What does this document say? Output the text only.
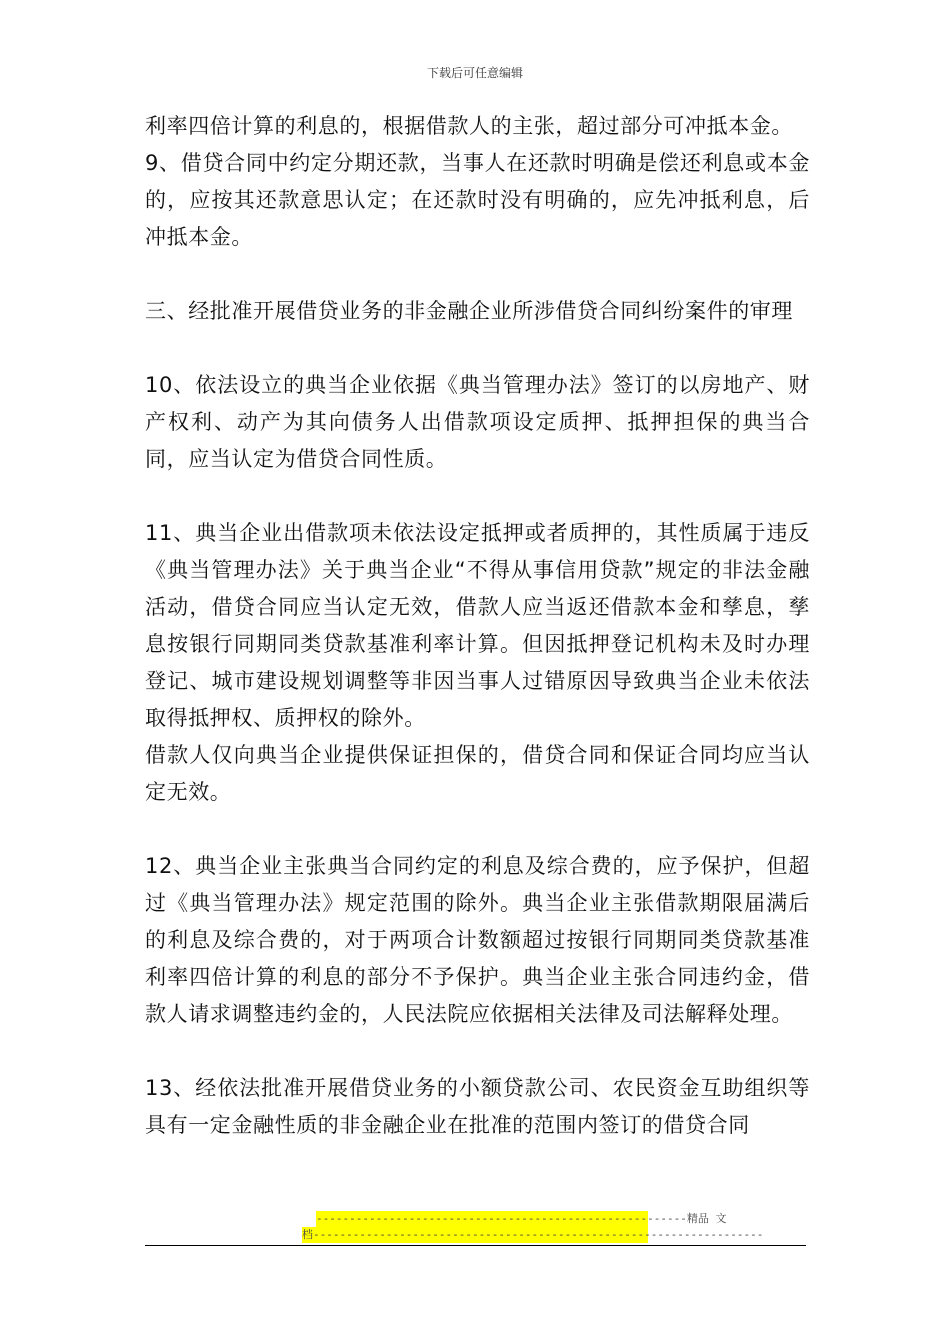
下载后可任意编辑

利率四倍计算的利息的，根据借款人的主张，超过部分可冲抵本金。

9、借贷合同中约定分期还款，当事人在还款时明确是偿还利息或本金的，应按其还款意思认定；在还款时没有明确的，应先冲抵利息，后冲抵本金。

三、经批准开展借贷业务的非金融企业所涉借贷合同纠纷案件的审理

10、依法设立的典当企业依据《典当管理办法》签订的以房地产、财产权利、动产为其向债务人出借款项设定质押、抵押担保的典当合同，应当认定为借贷合同性质。

11、典当企业出借款项未依法设定抵押或者质押的，其性质属于违反《典当管理办法》关于典当企业“不得从事信用贷款”规定的非法金融活动，借贷合同应当认定无效，借款人应当返还借款本金和孳息，孳息按银行同期同类贷款基准利率计算。但因抵押登记机构未及时办理登记、城市建设规划调整等非因当事人过错原因导致典当企业未依法取得抵押权、质押权的除外。

借款人仅向典当企业提供保证担保的，借贷合同和保证合同均应当认定无效。

12、典当企业主张典当合同约定的利息及综合费的，应予保护，但超过《典当管理办法》规定范围的除外。典当企业主张借款期限届满后的利息及综合费的，对于两项合计数额超过按银行同期同类贷款基准利率四倍计算的利息的部分不予保护。典当企业主张合同违约金，借款人请求调整违约金的，人民法院应依据相关法律及司法解释处理。

13、经依法批准开展借贷业务的小额贷款公司、农民资金互助组织等具有一定金融性质的非金融企业在批准的范围内签订的借贷合同

--------------------------------------------------------精品 文
档--------------------------------------------------------------------
